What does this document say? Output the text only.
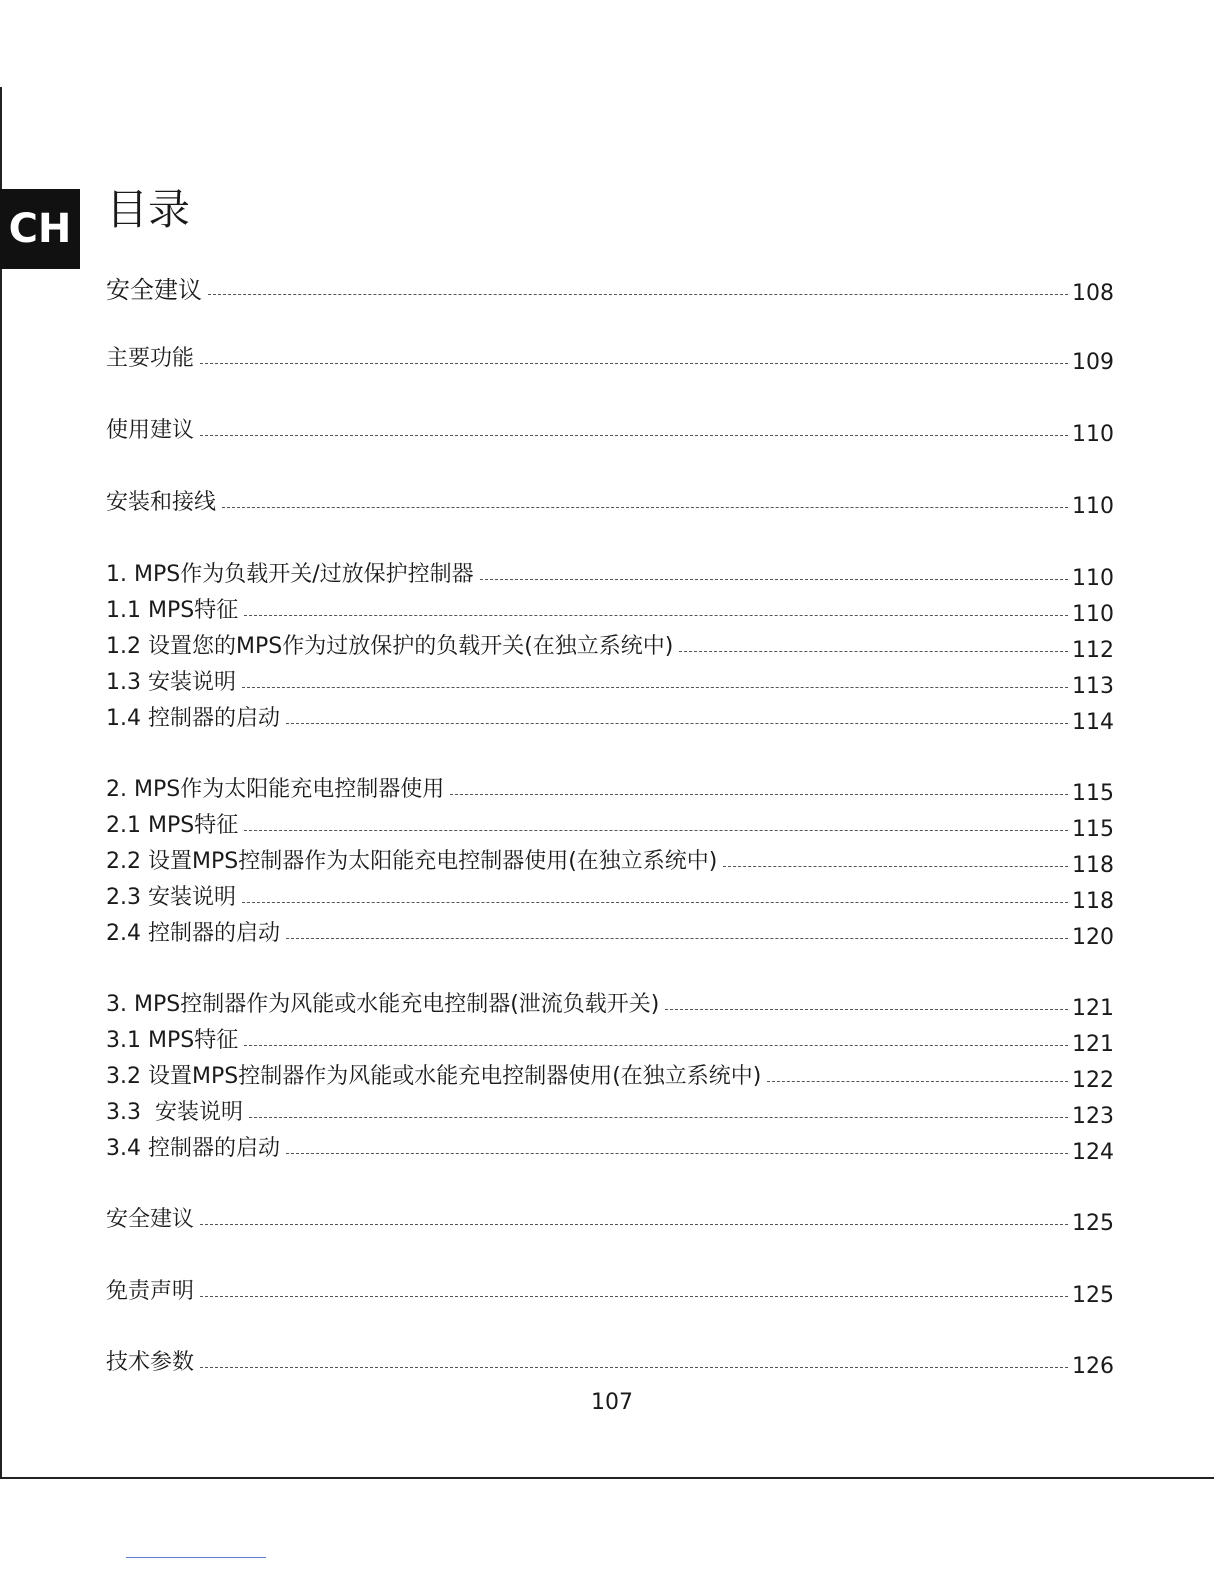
CH 目录
安全建议	108
主要功能	109
使用建议	110
安装和接线	110
1. MPS作为负载开关/过放保护控制器	110
1.1 MPS特征	110
1.2 设置您的MPS作为过放保护的负载开关(在独立系统中)	112
1.3 安装说明	113
1.4 控制器的启动	114
2. MPS作为太阳能充电控制器使用	115
2.1 MPS特征	115
2.2 设置MPS控制器作为太阳能充电控制器使用(在独立系统中)	118
2.3 安装说明	118
2.4 控制器的启动	120
3. MPS控制器作为风能或水能充电控制器(泄流负载开关)	121
3.1 MPS特征	121
3.2 设置MPS控制器作为风能或水能充电控制器使用(在独立系统中)	122
3.3  安装说明	123
3.4 控制器的启动	124
安全建议	125
免责声明	125
技术参数	126
107
